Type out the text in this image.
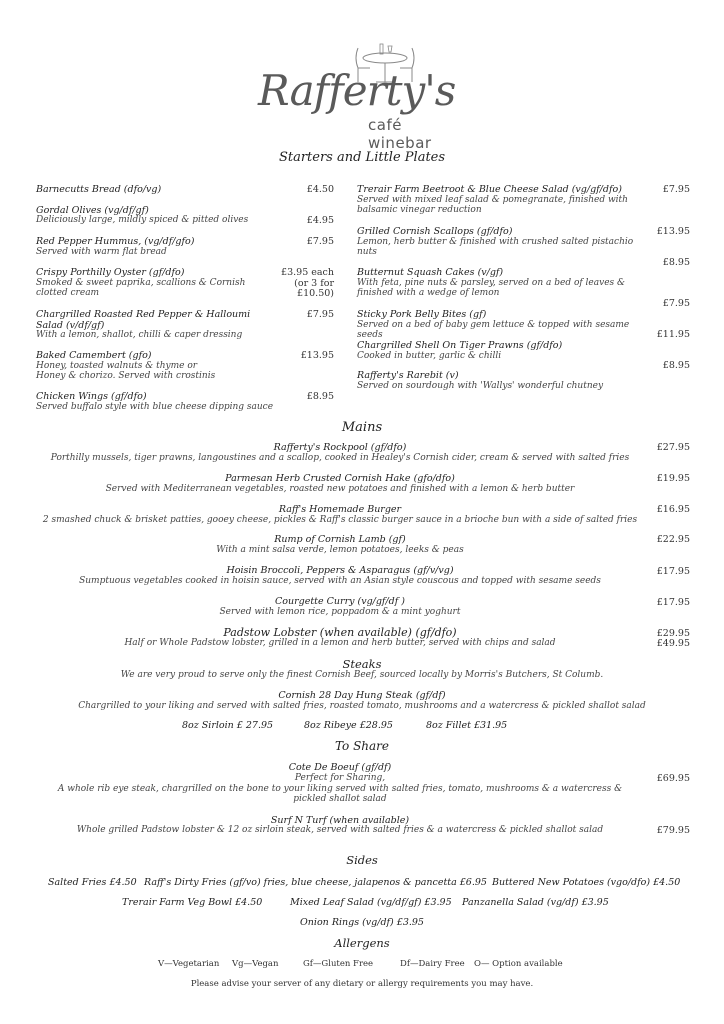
Rafferty's
café winebar
Starters and Little Plates
Barnecutts Bread (dfo/vg)	£4.50
Gordal Olives (vg/df/gf)
Deliciously large, mildly spiced & pitted olives	£4.95
Red Pepper Hummus, (vg/df/gfo)
Served with warm flat bread
£7.95
Crispy Porthilly Oyster (gf/dfo)
Smoked & sweet paprika, scallions & Cornish clotted cream
£3.95 each
(or 3 for
£10.50)
Chargrilled Roasted Red Pepper & Halloumi Salad (v/df/gf)
With a lemon, shallot, chilli & caper dressing
£7.95
Baked Camembert (gfo)
Honey, toasted walnuts & thyme or
Honey & chorizo. Served with crostinis
£13.95
Chicken Wings (gf/dfo)
Served buffalo style with blue cheese dipping sauce
£8.95
Trerair Farm Beetroot & Blue Cheese Salad (vg/gf/dfo)
Served with mixed leaf salad & pomegranate, finished with balsamic vinegar reduction
£7.95
Grilled Cornish Scallops (gf/dfo)
Lemon, herb butter & finished with crushed salted pistachio nuts
£13.95
Butternut Squash Cakes (v/gf)
With feta, pine nuts & parsley, served on a bed of leaves & finished with a wedge of lemon
£8.95
Sticky Pork Belly Bites (gf)
Served on a bed of baby gem lettuce & topped with sesame seeds
£7.95
Chargrilled Shell On Tiger Prawns (gf/dfo)
Cooked in butter, garlic & chilli
£11.95
Rafferty's Rarebit (v)
Served on sourdough with 'Wallys' wonderful chutney
£8.95
Mains
Rafferty's Rockpool (gf/dfo)
Porthilly mussels, tiger prawns, langoustines and a scallop, cooked in Healey's Cornish cider, cream & served with salted fries
£27.95
Parmesan Herb Crusted Cornish Hake (gfo/dfo)
Served with Mediterranean vegetables, roasted new potatoes and finished with a lemon & herb butter
£19.95
Raff's Homemade Burger
2 smashed chuck & brisket patties, gooey cheese, pickles & Raff's classic burger sauce in a brioche bun with a side of salted fries
£16.95
Rump of Cornish Lamb (gf)
With a mint salsa verde, lemon potatoes, leeks & peas
£22.95
Hoisin Broccoli, Peppers & Asparagus (gf/v/vg)
Sumptuous vegetables cooked in hoisin sauce, served with an Asian style couscous and topped with sesame seeds
£17.95
Courgette Curry (vg/gf/df )
Served with lemon rice, poppadom & a mint yoghurt
£17.95
Padstow Lobster (when available) (gf/dfo)
Half or Whole Padstow lobster, grilled in a lemon and herb butter, served with chips and salad
£29.95
£49.95
Steaks
We are very proud to serve only the finest Cornish Beef, sourced locally by Morris's Butchers, St Columb.
Cornish 28 Day Hung Steak (gf/df)
Chargrilled to your liking and served with salted fries, roasted tomato, mushrooms and a watercress & pickled shallot salad
8oz Sirloin £ 27.95	8oz Ribeye £28.95	8oz Fillet £31.95
To Share
Cote De Boeuf (gf/df)
Perfect for Sharing,
A whole rib eye steak, chargrilled on the bone to your liking served with salted fries, tomato, mushrooms & a watercress & pickled shallot salad
£69.95
Surf N Turf (when available)
Whole grilled Padstow lobster & 12 oz sirloin steak, served with salted fries & a watercress & pickled shallot salad	£79.95
Sides
Salted Fries £4.50 Raff's Dirty Fries (gf/vo) fries, blue cheese, jalapenos & pancetta £6.95 Buttered New Potatoes (vgo/dfo) £4.50
Trerair Farm Veg Bowl £4.50	Mixed Leaf Salad (vg/df/gf) £3.95	Panzanella Salad (vg/df) £3.95
Onion Rings (vg/df) £3.95
Allergens
V—Vegetarian	Vg—Vegan	Gf—Gluten Free	Df—Dairy Free	O— Option available
Please advise your server of any dietary or allergy requirements you may have.
